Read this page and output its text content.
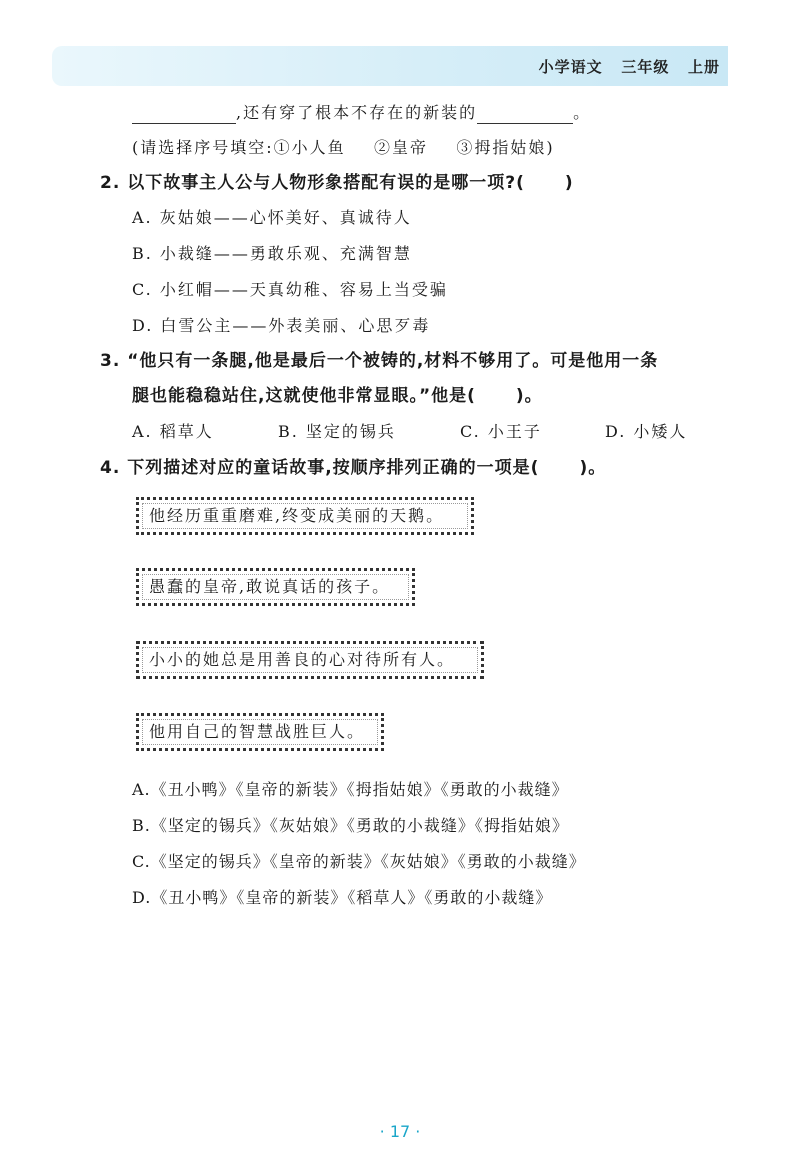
小学语文   三年级   上册
,还有穿了根本不存在的新装的	。
(请选择序号填空:①小人鱼    ②皇帝    ③拇指姑娘)
2. 以下故事主人公与人物形象搭配有误的是哪一项?( )
A. 灰姑娘——心怀美好、真诚待人
B. 小裁缝——勇敢乐观、充满智慧
C. 小红帽——天真幼稚、容易上当受骗
D. 白雪公主——外表美丽、心思歹毒
3. “他只有一条腿,他是最后一个被铸的,材料不够用了。可是他用一条
腿也能稳稳站住,这就使他非常显眼。”他是( )。
A. 稻草人	B. 坚定的锡兵	C. 小王子	D. 小矮人
4. 下列描述对应的童话故事,按顺序排列正确的一项是( )。
他经历重重磨难,终变成美丽的天鹅。
愚蠢的皇帝,敢说真话的孩子。
小小的她总是用善良的心对待所有人。
他用自己的智慧战胜巨人。
A.《丑小鸭》《皇帝的新装》《拇指姑娘》《勇敢的小裁缝》
B.《坚定的锡兵》《灰姑娘》《勇敢的小裁缝》《拇指姑娘》
C.《坚定的锡兵》《皇帝的新装》《灰姑娘》《勇敢的小裁缝》
D.《丑小鸭》《皇帝的新装》《稻草人》《勇敢的小裁缝》
· 17 ·
